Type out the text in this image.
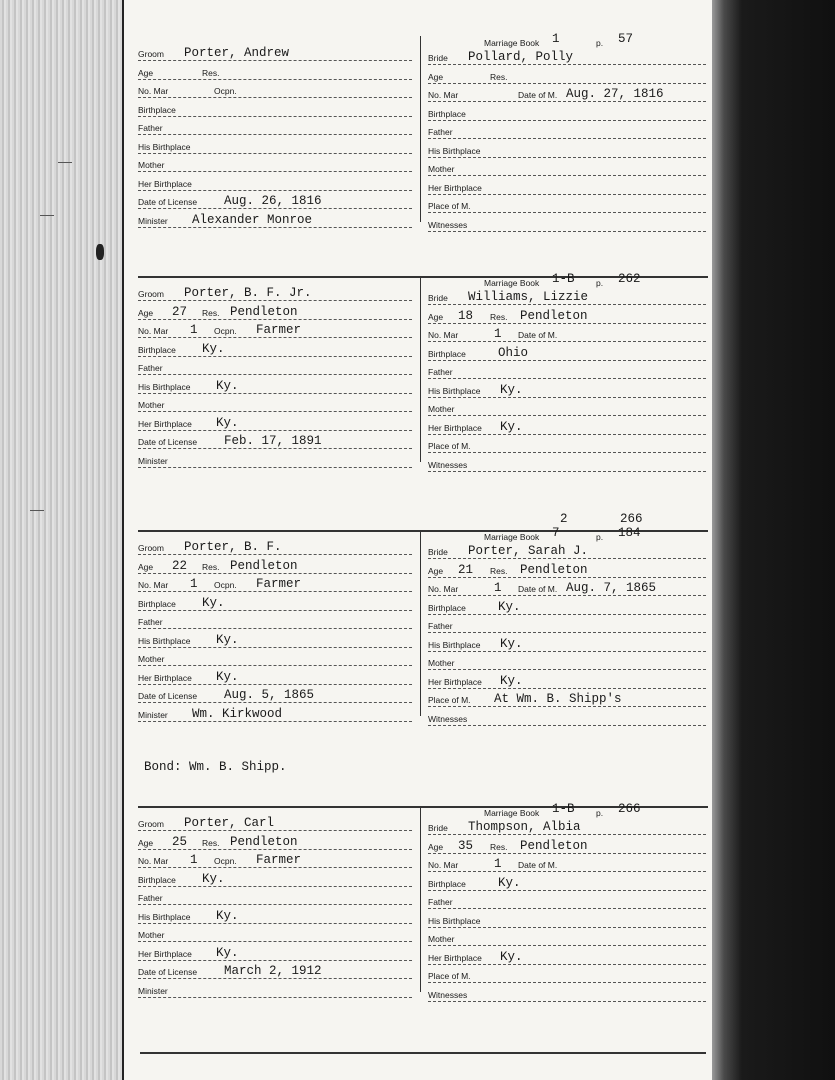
Groom Porter, Andrew
Age	Res.
No. Mar	Ocpn.
Birthplace
Father
His Birthplace
Mother
Her Birthplace
Date of License Aug. 26, 1816
Minister Alexander Monroe
Marriage Book 1	p. 57
Bride Pollard, Polly
Age	Res.
No. Mar	Date of M. Aug. 27, 1816
Birthplace
Father
His Birthplace
Mother
Her Birthplace
Place of M.
Witnesses
Groom Porter, B. F. Jr.
Age 27 Res. Pendleton
No. Mar 1 Ocpn. Farmer
Birthplace Ky.
Father
His Birthplace Ky.
Mother
Her Birthplace Ky.
Date of License Feb. 17, 1891
Minister
Marriage Book 1-B	p. 262
Bride Williams, Lizzie
Age 18 Res. Pendleton
No. Mar	1 Date of M.
Birthplace	Ohio
Father
His Birthplace Ky.
Mother
Her Birthplace Ky.
Place of M.
Witnesses
Groom Porter, B. F.
Age 22 Res. Pendleton
No. Mar 1 Ocpn. Farmer
Birthplace Ky.
Father
His Birthplace Ky.
Mother
Her Birthplace Ky.
Date of License Aug. 5, 1865
Minister Wm. Kirkwood
Marriage Book 7	p. 184
2	266
Bride Porter, Sarah J.
Age 21 Res. Pendleton
No. Mar	1 Date of M. Aug. 7, 1865
Birthplace	Ky.
Father
His Birthplace Ky.
Mother
Her Birthplace Ky.
Place of M. At Wm. B. Shipp's
Witnesses
Groom Porter, Carl
Age 25 Res. Pendleton
No. Mar 1 Ocpn. Farmer
Birthplace Ky.
Father
His Birthplace Ky.
Mother
Her Birthplace Ky.
Date of License March 2, 1912
Minister
Marriage Book 1-B	p. 266
Bride Thompson, Albia
Age 35 Res. Pendleton
No. Mar	1 Date of M.
Birthplace	Ky.
Father
His Birthplace
Mother
Her Birthplace Ky.
Place of M.
Witnesses
Bond: Wm. B. Shipp.
